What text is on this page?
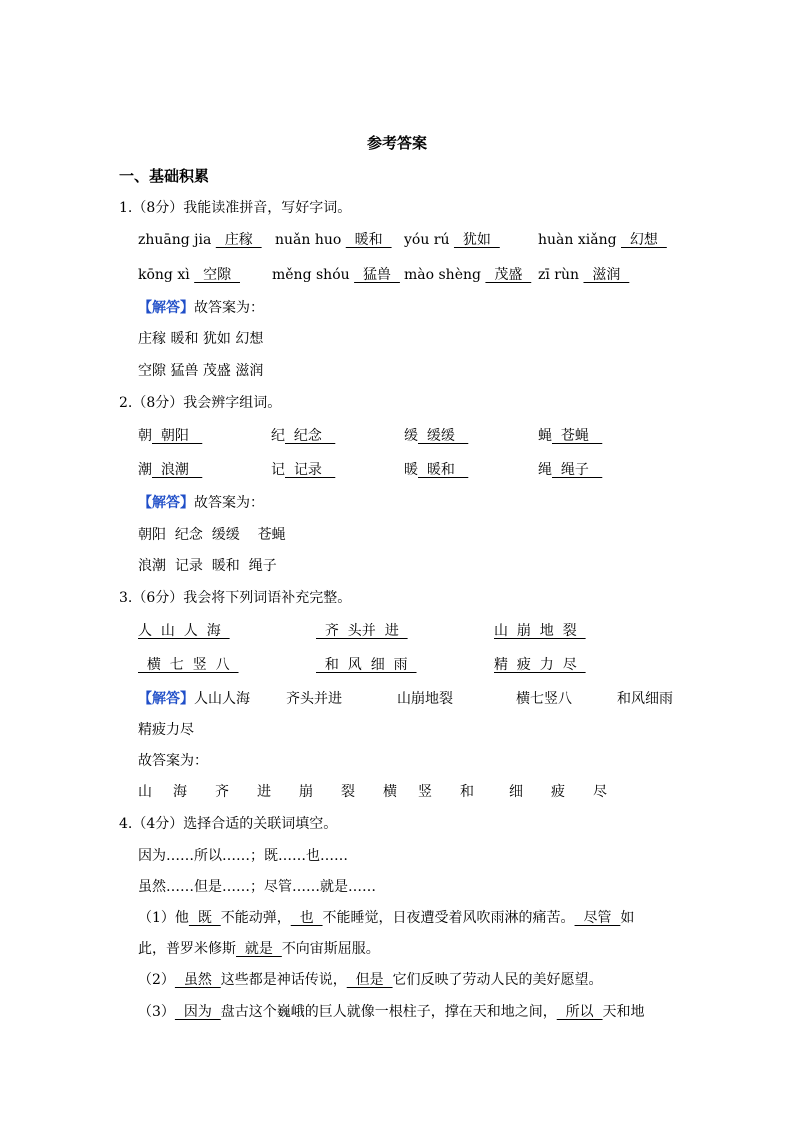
参考答案
一、基础积累
1.（8分）我能读准拼音，写好字词。
zhuāng jia   庄稼 nuǎn huo   暖和 yóu rú   犹如	huàn xiǎng   幻想
kōng xì   空隙 měng shóu   猛兽 mào shèng   茂盛 zī rùn   滋润
【解答】故答案为：
庄稼 暖和 犹如 幻想
空隙 猛兽 茂盛 滋润
2.（8分）我会辨字组词。
朝  朝阳	纪  纪念	缓  缓缓	蝇  苍蝇
潮  浪潮	记  记录	暖  暖和	绳  绳子
【解答】故答案为：
朝阳  纪念  缓缓    苍蝇
浪潮  记录  暖和  绳子
3.（6分）我会将下列词语补充完整。
人  山  人  海	齐  头并  进	山  崩  地  裂
横  七  竖  八	和  风  细  雨	精  疲  力  尽
【解答】人山人海	齐头并进	山崩地裂	横七竖八	和风细雨
精疲力尽
故答案为：
山 海 齐 进 崩 裂 横 竖 和	细 疲 尽
4.（4分）选择合适的关联词填空。
因为……所以……；既……也……
虽然……但是……；尽管……就是……
（1）他  既  不能动弹，  也  不能睡觉，日夜遭受着风吹雨淋的痛苦。  尽管  如
此，普罗米修斯  就是  不向宙斯屈服。
（2）  虽然  这些都是神话传说，  但是  它们反映了劳动人民的美好愿望。
（3）  因为  盘古这个巍峨的巨人就像一根柱子，撑在天和地之间，  所以  天和地
